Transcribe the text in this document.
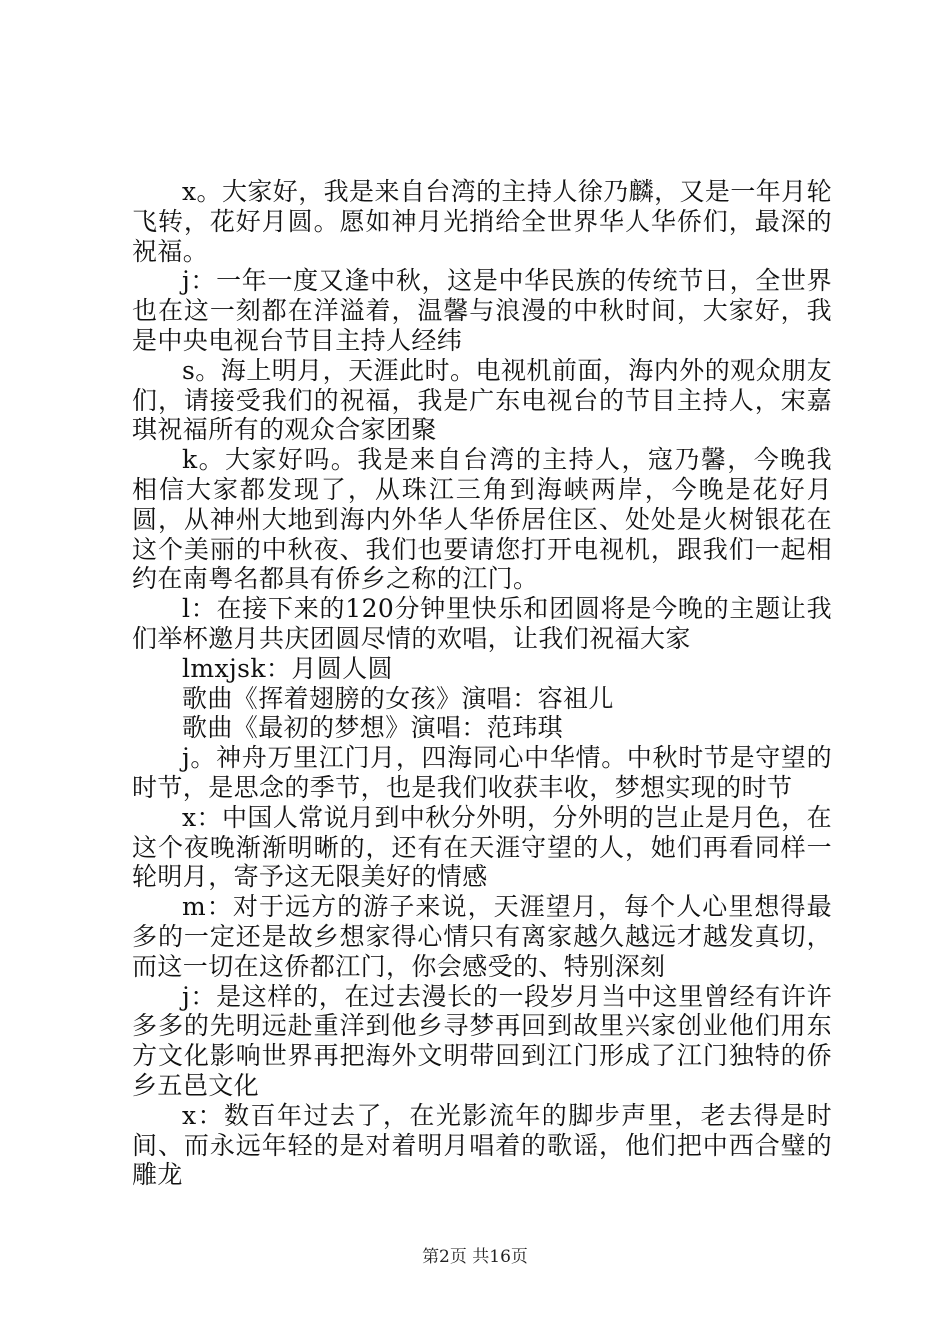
x。大家好，我是来自台湾的主持人徐乃麟，又是一年月轮飞转，花好月圆。愿如神月光捎给全世界华人华侨们，最深的祝福。

j：一年一度又逢中秋，这是中华民族的传统节日，全世界也在这一刻都在洋溢着，温馨与浪漫的中秋时间，大家好，我是中央电视台节目主持人经纬

s。海上明月，天涯此时。电视机前面，海内外的观众朋友们，请接受我们的祝福，我是广东电视台的节目主持人，宋嘉琪祝福所有的观众合家团聚

k。大家好吗。我是来自台湾的主持人，寇乃馨，今晚我相信大家都发现了，从珠江三角到海峡两岸，今晚是花好月圆，从神州大地到海内外华人华侨居住区、处处是火树银花在这个美丽的中秋夜、我们也要请您打开电视机，跟我们一起相约在南粤名都具有侨乡之称的江门。

l：在接下来的120分钟里快乐和团圆将是今晚的主题让我们举杯邀月共庆团圆尽情的欢唱，让我们祝福大家

lmxjsk：月圆人圆

歌曲《挥着翅膀的女孩》演唱：容祖儿

歌曲《最初的梦想》演唱：范玮琪

j。神舟万里江门月，四海同心中华情。中秋时节是守望的时节，是思念的季节，也是我们收获丰收，梦想实现的时节

x：中国人常说月到中秋分外明，分外明的岂止是月色，在这个夜晚渐渐明晰的，还有在天涯守望的人，她们再看同样一轮明月，寄予这无限美好的情感

m：对于远方的游子来说，天涯望月，每个人心里想得最多的一定还是故乡想家得心情只有离家越久越远才越发真切，而这一切在这侨都江门，你会感受的、特别深刻

j：是这样的，在过去漫长的一段岁月当中这里曾经有许许多多的先明远赴重洋到他乡寻梦再回到故里兴家创业他们用东方文化影响世界再把海外文明带回到江门形成了江门独特的侨乡五邑文化

x：数百年过去了，在光影流年的脚步声里，老去得是时间、而永远年轻的是对着明月唱着的歌谣，他们把中西合璧的雕龙

第2页 共16页
